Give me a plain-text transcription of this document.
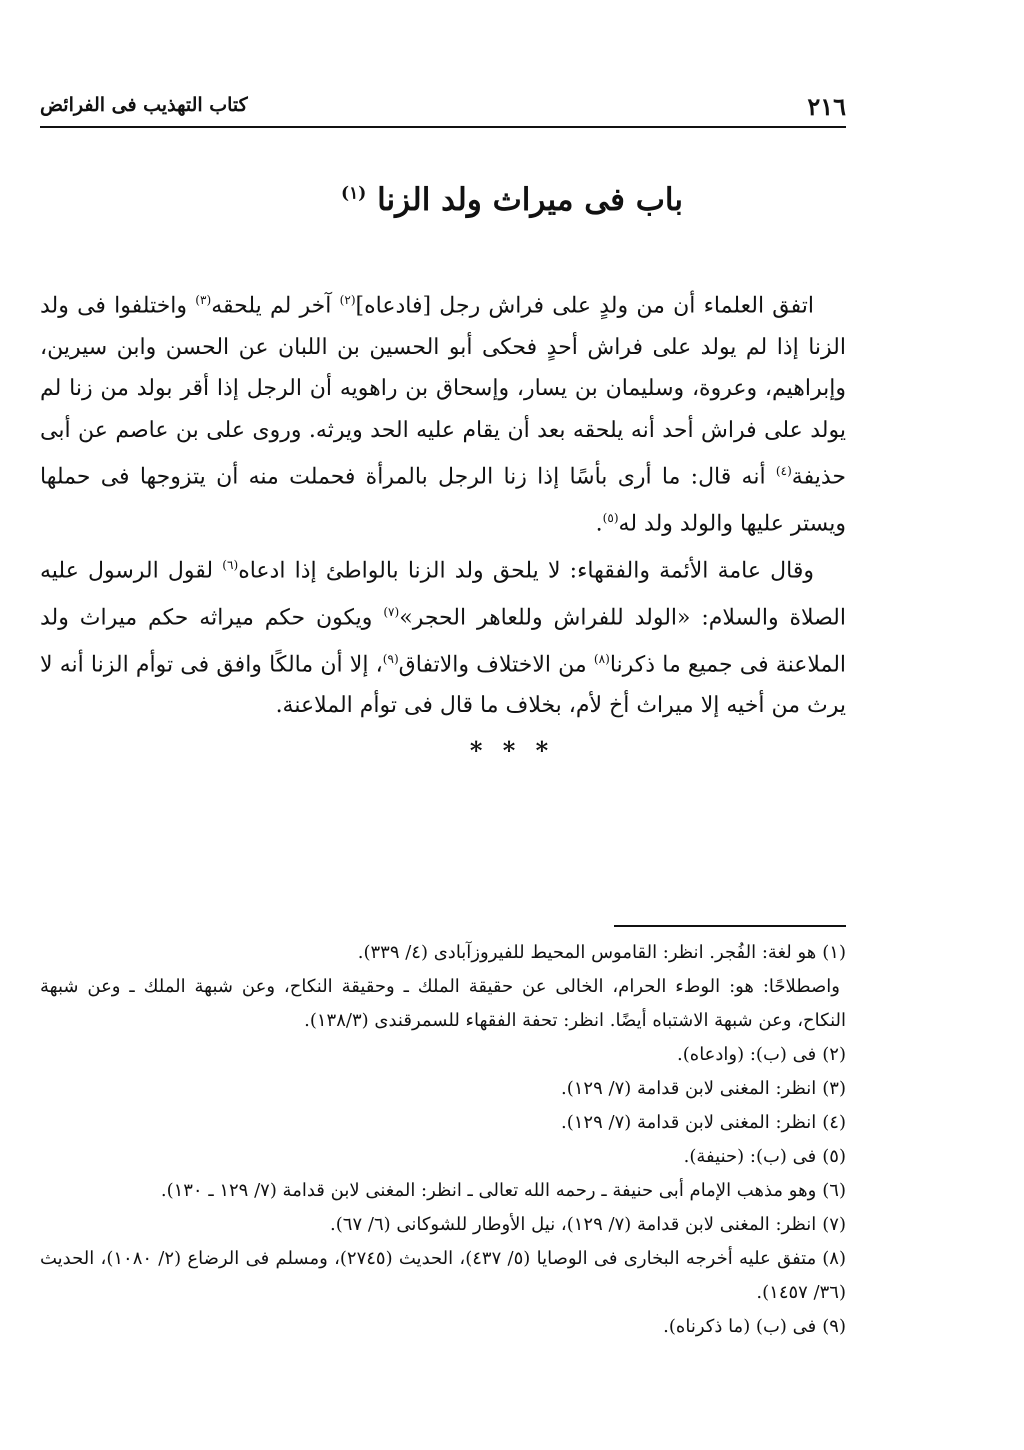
٢١٦
كتاب التهذيب فى الفرائض
باب فى ميراث ولد الزنا $^{(١)}$

اتفق العلماء أن من ولدٍ على فراش رجل [فادعاه]$^{(٢)}$ آخر لم يلحقه$^{(٣)}$ واختلفوا فى ولد الزنا إذا لم يولد على فراش أحدٍ فحكى أبو الحسين بن اللبان عن الحسن وابن سيرين، وإبراهيم، وعروة، وسليمان بن يسار، وإسحاق بن راهويه أن الرجل إذا أقر بولد من زنا لم يولد على فراش أحد أنه يلحقه بعد أن يقام عليه الحد ويرثه. وروى على بن عاصم عن أبى حذيفة$^{(٤)}$ أنه قال: ما أرى بأسًا إذا زنا الرجل بالمرأة فحملت منه أن يتزوجها فى حملها ويستر عليها والولد ولد له$^{(٥)}$.

وقال عامة الأئمة والفقهاء: لا يلحق ولد الزنا بالواطئ إذا ادعاه$^{(٦)}$ لقول الرسول عليه الصلاة والسلام: «الولد للفراش وللعاهر الحجر»$^{(٧)}$ ويكون حكم ميراثه حكم ميراث ولد الملاعنة فى جميع ما ذكرنا$^{(٨)}$ من الاختلاف والاتفاق$^{(٩)}$، إلا أن مالكًا وافق فى توأم الزنا أنه لا يرث من أخيه إلا ميراث أخ لأم، بخلاف ما قال فى توأم الملاعنة.

* * *

(١)هو لغة: الفُجر. انظر: القاموس المحيط للفيروزآبادى (٤/ ٣٣٩).

واصطلاحًا: هو: الوطء الحرام، الخالى عن حقيقة الملك ـ وحقيقة النكاح، وعن شبهة الملك ـ وعن شبهة النكاح، وعن شبهة الاشتباه أيضًا. انظر: تحفة الفقهاء للسمرقندى (١٣٨/٣).

(٢)فى (ب): (وادعاه).

(٣)انظر: المغنى لابن قدامة (٧/ ١٢٩).

(٤)انظر: المغنى لابن قدامة (٧/ ١٢٩).

(٥)فى (ب): (حنيفة).

(٦)وهو مذهب الإمام أبى حنيفة ـ رحمه الله تعالى ـ انظر: المغنى لابن قدامة (٧/ ١٢٩ ـ ١٣٠).

(٧)انظر: المغنى لابن قدامة (٧/ ١٢٩)، نيل الأوطار للشوكانى (٦/ ٦٧).

(٨)متفق عليه أخرجه البخارى فى الوصايا (٥/ ٤٣٧)، الحديث (٢٧٤٥)، ومسلم فى الرضاع (٢/ ١٠٨٠)، الحديث (٣٦/ ١٤٥٧).

(٩)فى (ب) (ما ذكرناه).
